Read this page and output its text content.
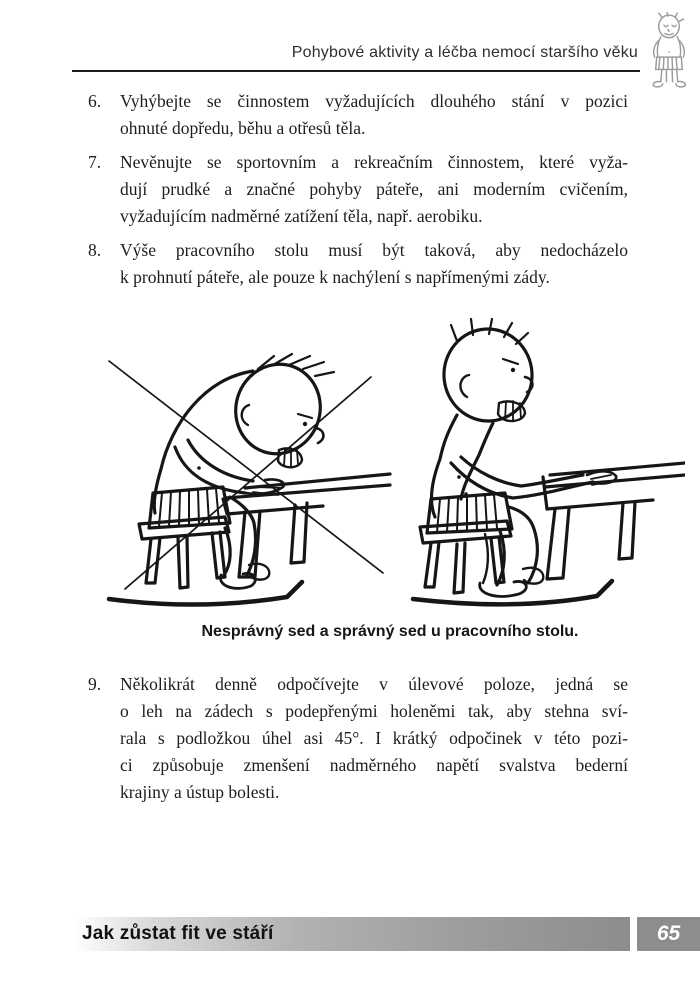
Pohybové aktivity a léčba nemocí staršího věku
6.	Vyhýbejte se činnostem vyžadujících dlouhého stání v pozici
ohnuté dopředu, běhu a otřesů těla.
7.	Nevěnujte se sportovním a rekreačním činnostem, které vyža-
dují prudké a značné pohyby páteře, ani moderním cvičením,
vyžadujícím nadměrné zatížení těla, např. aerobiku.
8.	Výše pracovního stolu musí být taková, aby nedocházelo
k prohnutí páteře, ale pouze k nachýlení s napřímenými zády.
Nesprávný sed a správný sed u pracovního stolu.
9.	Několikrát denně odpočívejte v úlevové poloze, jedná se
o leh na zádech s podepřenými holeněmi tak, aby stehna sví-
rala s podložkou úhel asi 45°. I krátký odpočinek v této pozi-
ci způsobuje zmenšení nadměrného napětí svalstva bederní
krajiny a ústup bolesti.
Jak zůstat fit ve stáří	65
